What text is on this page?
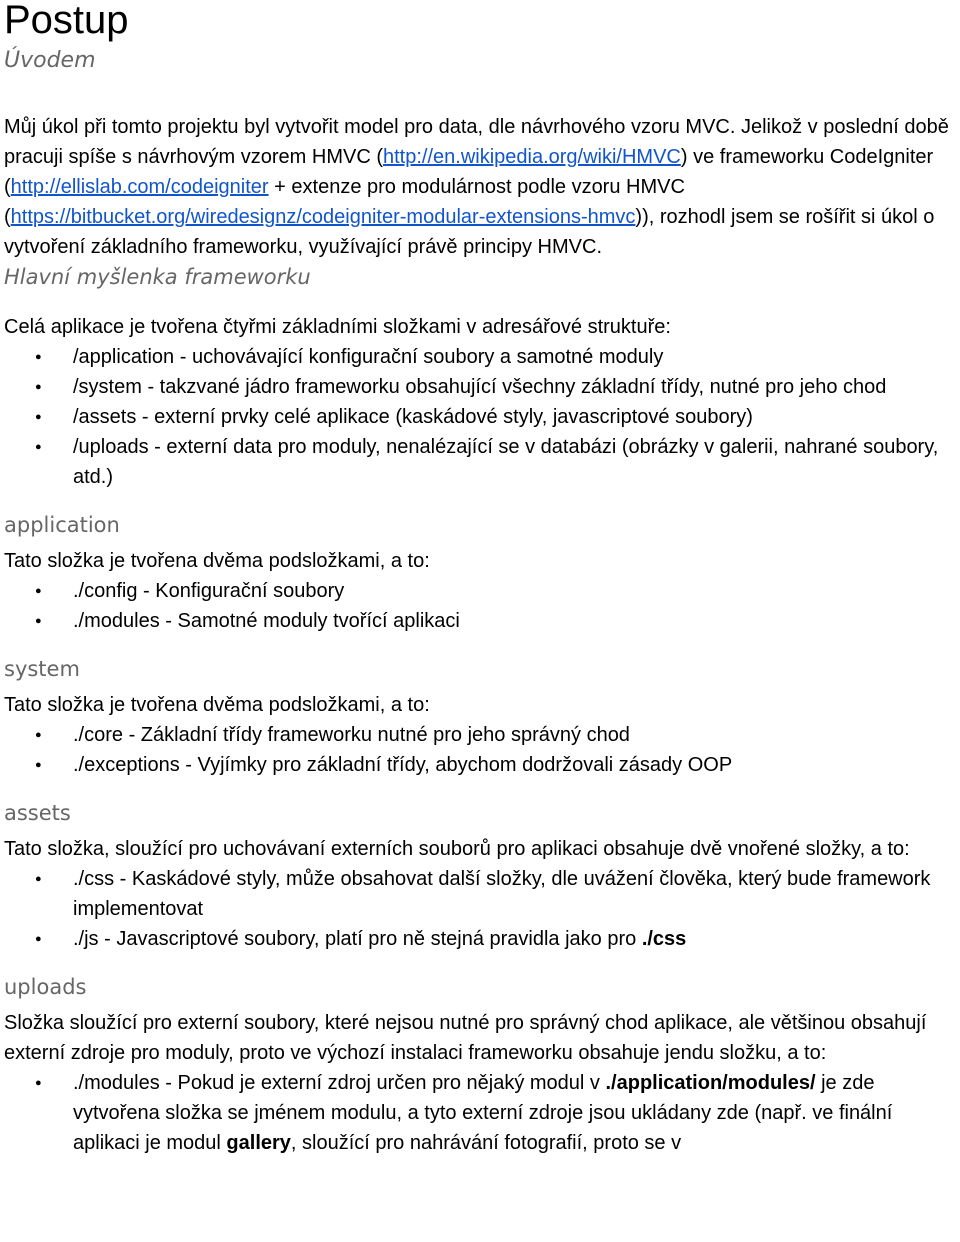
Postup
Úvodem

Můj úkol při tomto projektu byl vytvořit model pro data, dle návrhového vzoru MVC. Jelikož v poslední době pracuji spíše s návrhovým vzorem HMVC (http://en.wikipedia.org/wiki/HMVC) ve frameworku CodeIgniter (http://ellislab.com/codeigniter + extenze pro modulárnost podle vzoru HMVC (https://bitbucket.org/wiredesignz/codeigniter-modular-extensions-hmvc)), rozhodl jsem se rošířit si úkol o vytvoření základního frameworku, využívající právě principy HMVC.

Hlavní myšlenka frameworku

Celá aplikace je tvořena čtyřmi základními složkami v adresářové struktuře:

● /application - uchovávající konfigurační soubory a samotné moduly
● /system - takzvané jádro frameworku obsahující všechny základní třídy, nutné pro jeho chod
● /assets - externí prvky celé aplikace (kaskádové styly, javascriptové soubory)
● /uploads - externí data pro moduly, nenalézající se v databázi (obrázky v galerii, nahrané soubory, atd.)
application

Tato složka je tvořena dvěma podsložkami, a to:

● ./config - Konfigurační soubory
● ./modules - Samotné moduly tvořící aplikaci
system

Tato složka je tvořena dvěma podsložkami, a to:

● ./core - Základní třídy frameworku nutné pro jeho správný chod
● ./exceptions - Vyjímky pro základní třídy, abychom dodržovali zásady OOP
assets

Tato složka, sloužící pro uchovávaní externích souborů pro aplikaci obsahuje dvě vnořené složky, a to:

● ./css - Kaskádové styly, může obsahovat další složky, dle uvážení člověka, který bude framework implementovat
● ./js - Javascriptové soubory, platí pro ně stejná pravidla jako pro ./css
uploads

Složka sloužící pro externí soubory, které nejsou nutné pro správný chod aplikace, ale většinou obsahují externí zdroje pro moduly, proto ve výchozí instalaci frameworku obsahuje jendu složku, a to:

● ./modules - Pokud je externí zdroj určen pro nějaký modul v ./application/modules/ je zde vytvořena složka se jménem modulu, a tyto externí zdroje jsou ukládany zde (např. ve finální aplikaci je modul gallery, sloužící pro nahrávání fotografií, proto se v
